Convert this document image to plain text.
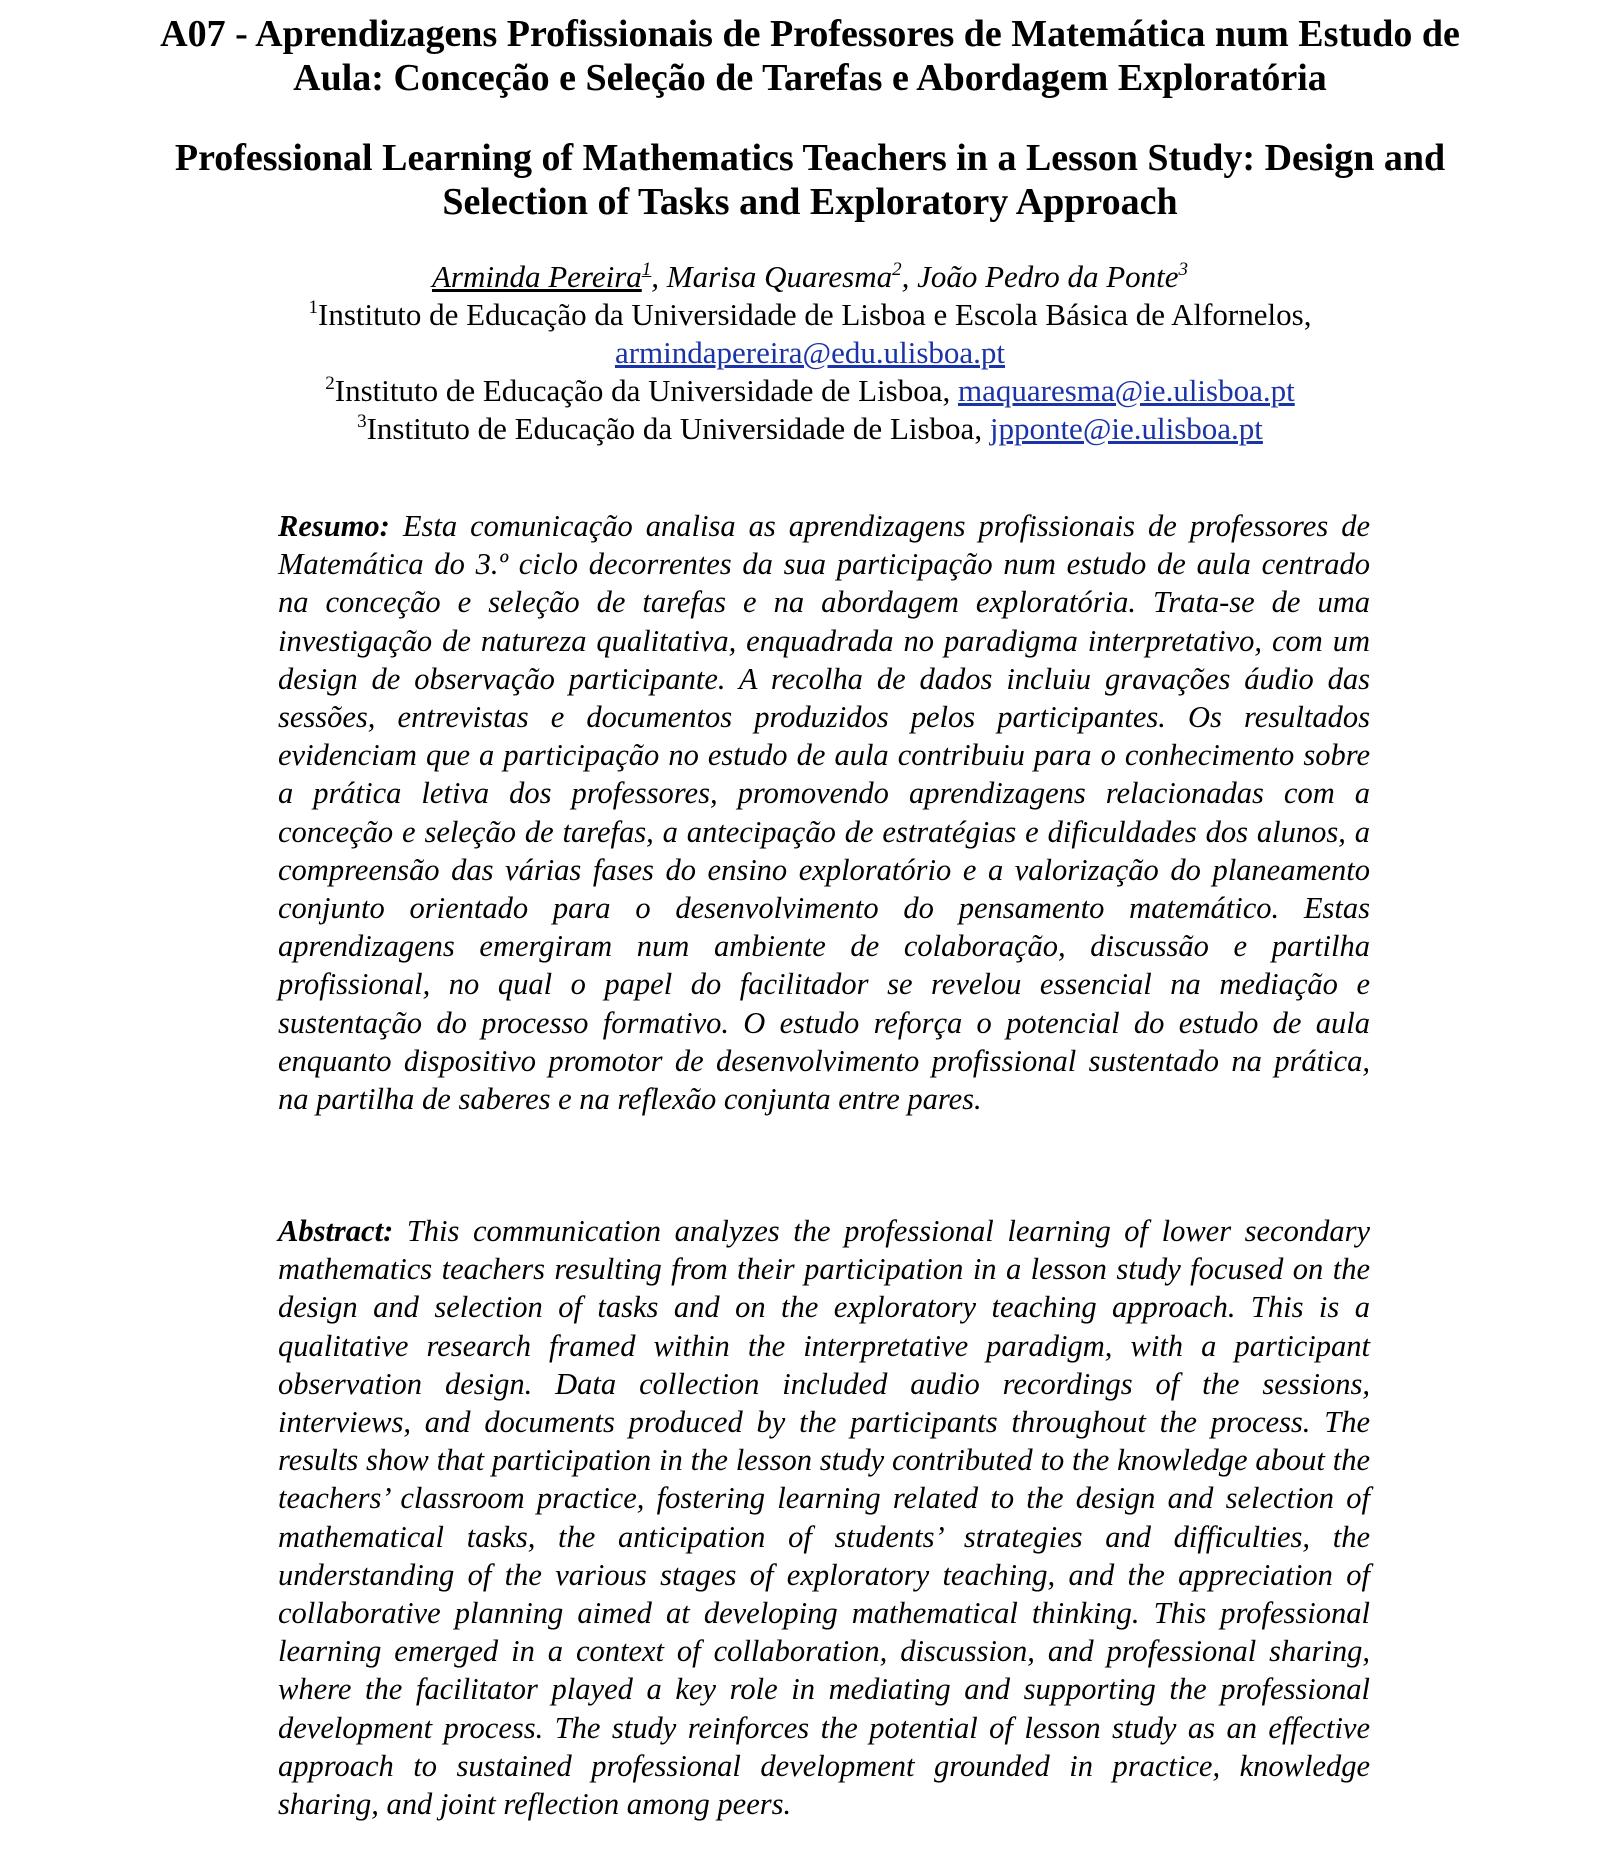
A07 - Aprendizagens Profissionais de Professores de Matemática num Estudo de Aula: Conceção e Seleção de Tarefas e Abordagem Exploratória
Professional Learning of Mathematics Teachers in a Lesson Study: Design and Selection of Tasks and Exploratory Approach
Arminda Pereira$^1$, Marisa Quaresma$^2$, João Pedro da Ponte$^3$
$^1$Instituto de Educação da Universidade de Lisboa e Escola Básica de Alfornelos,
armindapereira@edu.ulisboa.pt
$^2$Instituto de Educação da Universidade de Lisboa, maquaresma@ie.ulisboa.pt
$^3$Instituto de Educação da Universidade de Lisboa, jpponte@ie.ulisboa.pt

Resumo: Esta comunicação analisa as aprendizagens profissionais de professores de Matemática do 3.º ciclo decorrentes da sua participação num estudo de aula centrado na conceção e seleção de tarefas e na abordagem exploratória. Trata-se de uma investigação de natureza qualitativa, enquadrada no paradigma interpretativo, com um design de observação participante. A recolha de dados incluiu gravações áudio das sessões, entrevistas e documentos produzidos pelos participantes. Os resultados evidenciam que a participação no estudo de aula contribuiu para o conhecimento sobre a prática letiva dos professores, promovendo aprendizagens relacionadas com a conceção e seleção de tarefas, a antecipação de estratégias e dificuldades dos alunos, a compreensão das várias fases do ensino exploratório e a valorização do planeamento conjunto orientado para o desenvolvimento do pensamento matemático. Estas aprendizagens emergiram num ambiente de colaboração, discussão e partilha profissional, no qual o papel do facilitador se revelou essencial na mediação e sustentação do processo formativo. O estudo reforça o potencial do estudo de aula enquanto dispositivo promotor de desenvolvimento profissional sustentado na prática, na partilha de saberes e na reflexão conjunta entre pares.

Abstract: This communication analyzes the professional learning of lower secondary mathematics teachers resulting from their participation in a lesson study focused on the design and selection of tasks and on the exploratory teaching approach. This is a qualitative research framed within the interpretative paradigm, with a participant observation design. Data collection included audio recordings of the sessions, interviews, and documents produced by the participants throughout the process. The results show that participation in the lesson study contributed to the knowledge about the teachers’ classroom practice, fostering learning related to the design and selection of mathematical tasks, the anticipation of students’ strategies and difficulties, the understanding of the various stages of exploratory teaching, and the appreciation of collaborative planning aimed at developing mathematical thinking. This professional learning emerged in a context of collaboration, discussion, and professional sharing, where the facilitator played a key role in mediating and supporting the professional development process. The study reinforces the potential of lesson study as an effective approach to sustained professional development grounded in practice, knowledge sharing, and joint reflection among peers.
